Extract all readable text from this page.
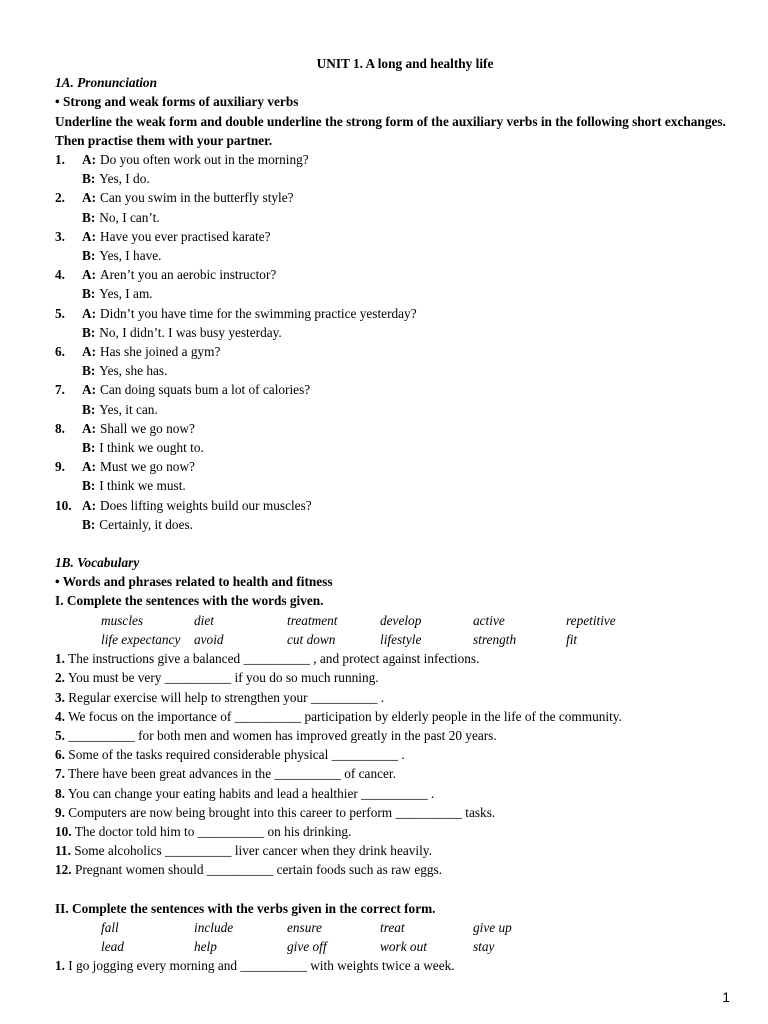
UNIT 1. A long and healthy life
1A. Pronunciation
• Strong and weak forms of auxiliary verbs
Underline the weak form and double underline the strong form of the auxiliary verbs in the following short exchanges. Then practise them with your partner.
1.	A: Do you often work out in the morning?
B: Yes, I do.
2.	A: Can you swim in the butterfly style?
B: No, I can’t.
3.	A: Have you ever practised karate?
B: Yes, I have.
4.	A: Aren’t you an aerobic instructor?
B: Yes, I am.
5.	A: Didn’t you have time for the swimming practice yesterday?
B: No, I didn’t. I was busy yesterday.
6.	A: Has she joined a gym?
B: Yes, she has.
7.	A: Can doing squats bum a lot of calories?
B: Yes, it can.
8.	A: Shall we go now?
B: I think we ought to.
9.	A: Must we go now?
B: I think we must.
10. A: Does lifting weights build our muscles?
B: Certainly, it does.
1B. Vocabulary
• Words and phrases related to health and fitness
I. Complete the sentences with the words given.
muscles	diet	treatment	develop	active	repetitive
life expectancy	avoid	cut down	lifestyle	strength	fit
1. The instructions give a balanced __________ , and protect against infections.
2. You must be very __________ if you do so much running.
3. Regular exercise will help to strengthen your __________ .
4. We focus on the importance of __________ participation by elderly people in the life of the community.
5. __________ for both men and women has improved greatly in the past 20 years.
6. Some of the tasks required considerable physical __________ .
7. There have been great advances in the __________ of cancer.
8. You can change your eating habits and lead a healthier __________ .
9. Computers are now being brought into this career to perform __________ tasks.
10. The doctor told him to __________ on his drinking.
11. Some alcoholics __________ liver cancer when they drink heavily.
12. Pregnant women should __________ certain foods such as raw eggs.
II. Complete the sentences with the verbs given in the correct form.
fall	include	ensure	treat	give up
lead	help	give off	work out	stay
1. I go jogging every morning and __________ with weights twice a week.
1
